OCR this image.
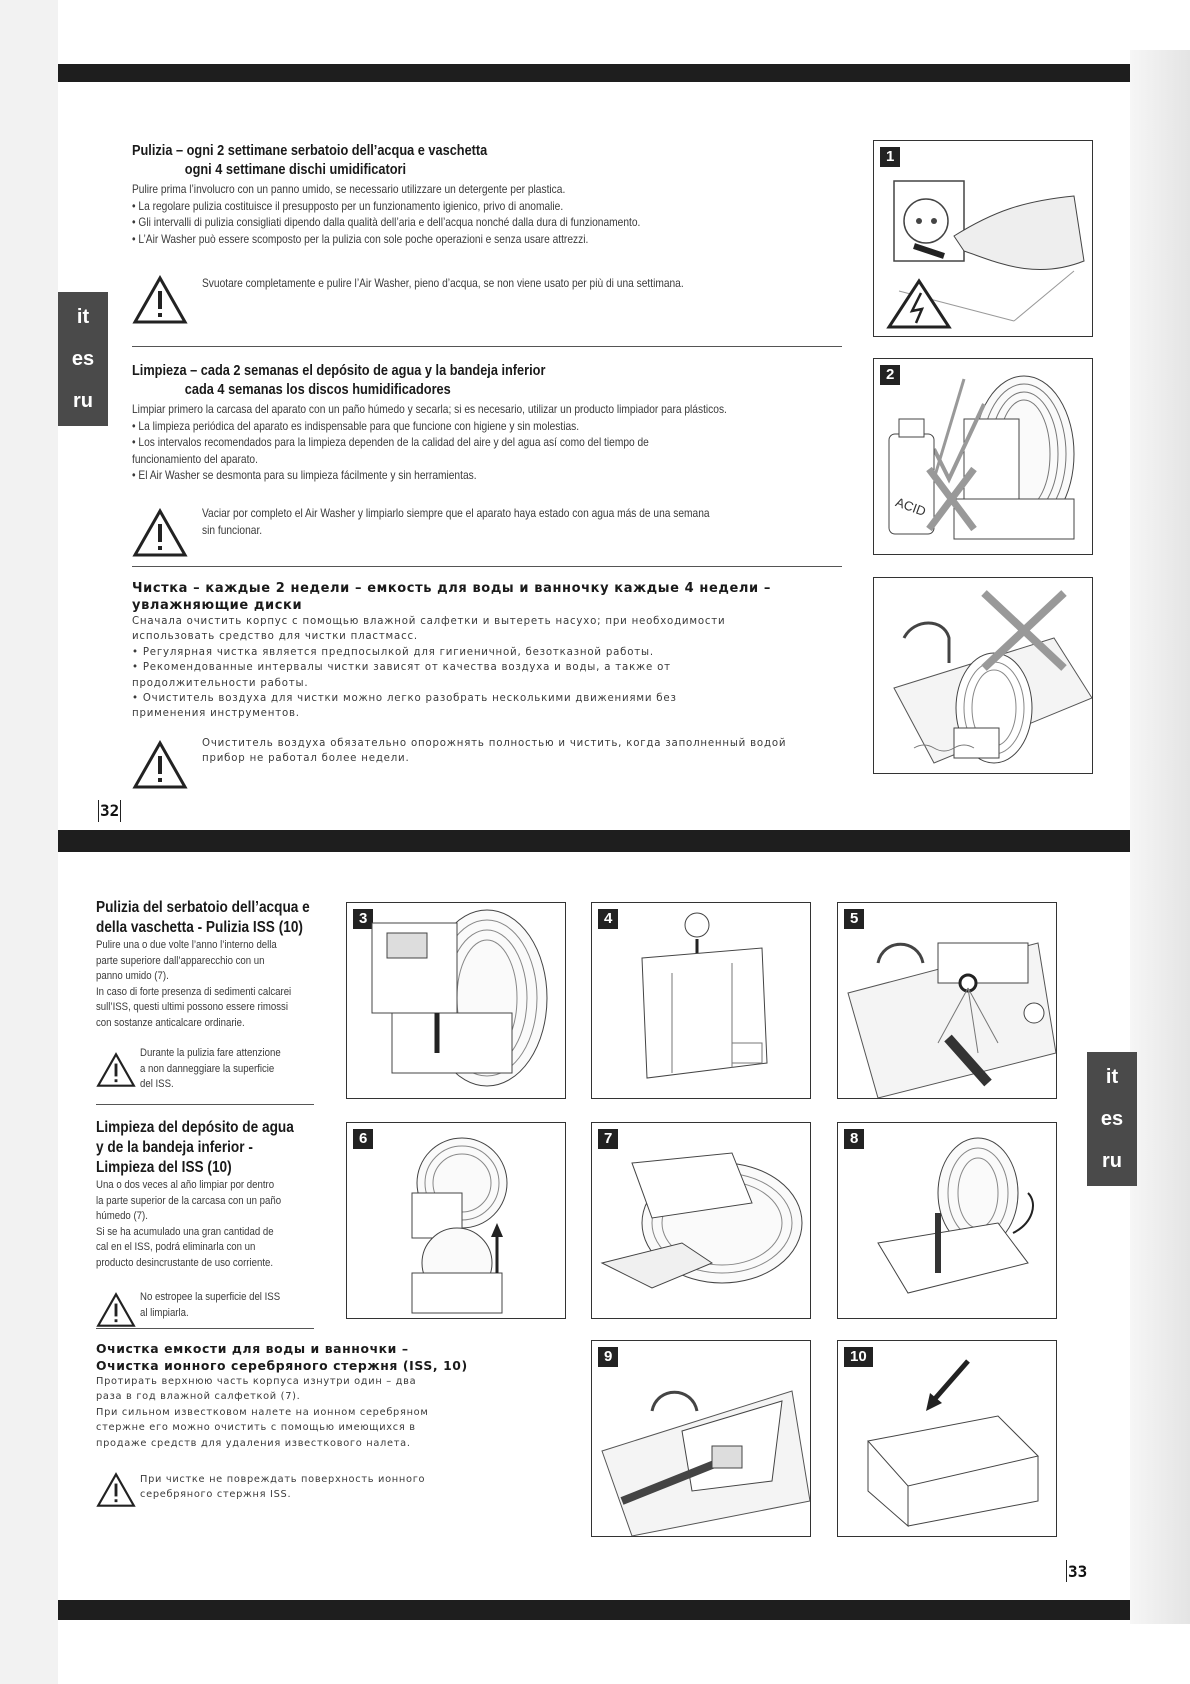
it
es
ru
Pulizia – ogni 2 settimane serbatoio dell’acqua e vaschetta
ogni 4 settimane dischi umidificatori

Pulire prima l’involucro con un panno umido, se necessario utilizzare un detergente per plastica.

• La regolare pulizia costituisce il presupposto per un funzionamento igienico, privo di anomalie.

• Gli intervalli di pulizia consigliati dipendo dalla qualità dell’aria e dell’acqua nonché dalla dura di funzionamento.

• L’Air Washer può essere scomposto per la pulizia con sole poche operazioni e senza usare attrezzi.

Svuotare completamente e pulire l’Air Washer, pieno d’acqua, se non viene usato per più di una settimana.
Limpieza – cada 2 semanas el depósito de agua y la bandeja inferior
cada 4 semanas los discos humidificadores

Limpiar primero la carcasa del aparato con un paño húmedo y secarla; si es necesario, utilizar un producto limpiador para plásticos.

• La limpieza periódica del aparato es indispensable para que funcione con higiene y sin molestias.

• Los intervalos recomendados para la limpieza dependen de la calidad del aire y del agua así como del tiempo de

funcionamiento del aparato.

• El Air Washer se desmonta para su limpieza fácilmente y sin herramientas.

Vaciar por completo el Air Washer y limpiarlo siempre que el aparato haya estado con agua más de una semana

sin funcionar.

Чистка – каждые 2 недели – емкость для воды и ванночку каждые 4 недели –
увлажняющие диски

Сначала очистить корпус с помощью влажной салфетки и вытереть насухо; при необходимости

использовать средство для чистки пластмасс.

• Регулярная чистка является предпосылкой для гигиеничной, безотказной работы.

• Рекомендованные интервалы чистки зависят от качества воздуха и воды, а также от

продолжительности работы.

• Очиститель воздуха для чистки можно легко разобрать несколькими движениями без

применения инструментов.

Очиститель воздуха обязательно опорожнять полностью и чистить, когда заполненный водой

прибор не работал более недели.

32
1
2
ACID
it
es
ru
Pulizia del serbatoio dell’acqua e
della vaschetta - Pulizia ISS (10)

Pulire una o due volte l’anno l’interno della

parte superiore dall’apparecchio con un

panno umido (7).

In caso di forte presenza di sedimenti calcarei

sull’ISS, questi ultimi possono essere rimossi

con sostanze anticalcare ordinarie.

Durante la pulizia fare attenzione

a non danneggiare la superficie

del ISS.

Limpieza del depósito de agua
y de la bandeja inferior -
Limpieza del ISS (10)

Una o dos veces al año limpiar por dentro

la parte superior de la carcasa con un paño

húmedo (7).

Si se ha acumulado una gran cantidad de

cal en el ISS, podrá eliminarla con un

producto desincrustante de uso corriente.

No estropee la superficie del ISS

al limpiarla.

Очистка емкости для воды и ванночки –
Очистка ионного серебряного стержня (ISS, 10)

Протирать верхнюю часть корпуса изнутри один – два

раза в год влажной салфеткой (7).

При сильном известковом налете на ионном серебряном

стержне его можно очистить с помощью имеющихся в

продаже средств для удаления известкового налета.

При чистке не повреждать поверхность ионного

серебряного стержня ISS.

3	4	5
6	7	8
9	10
33
